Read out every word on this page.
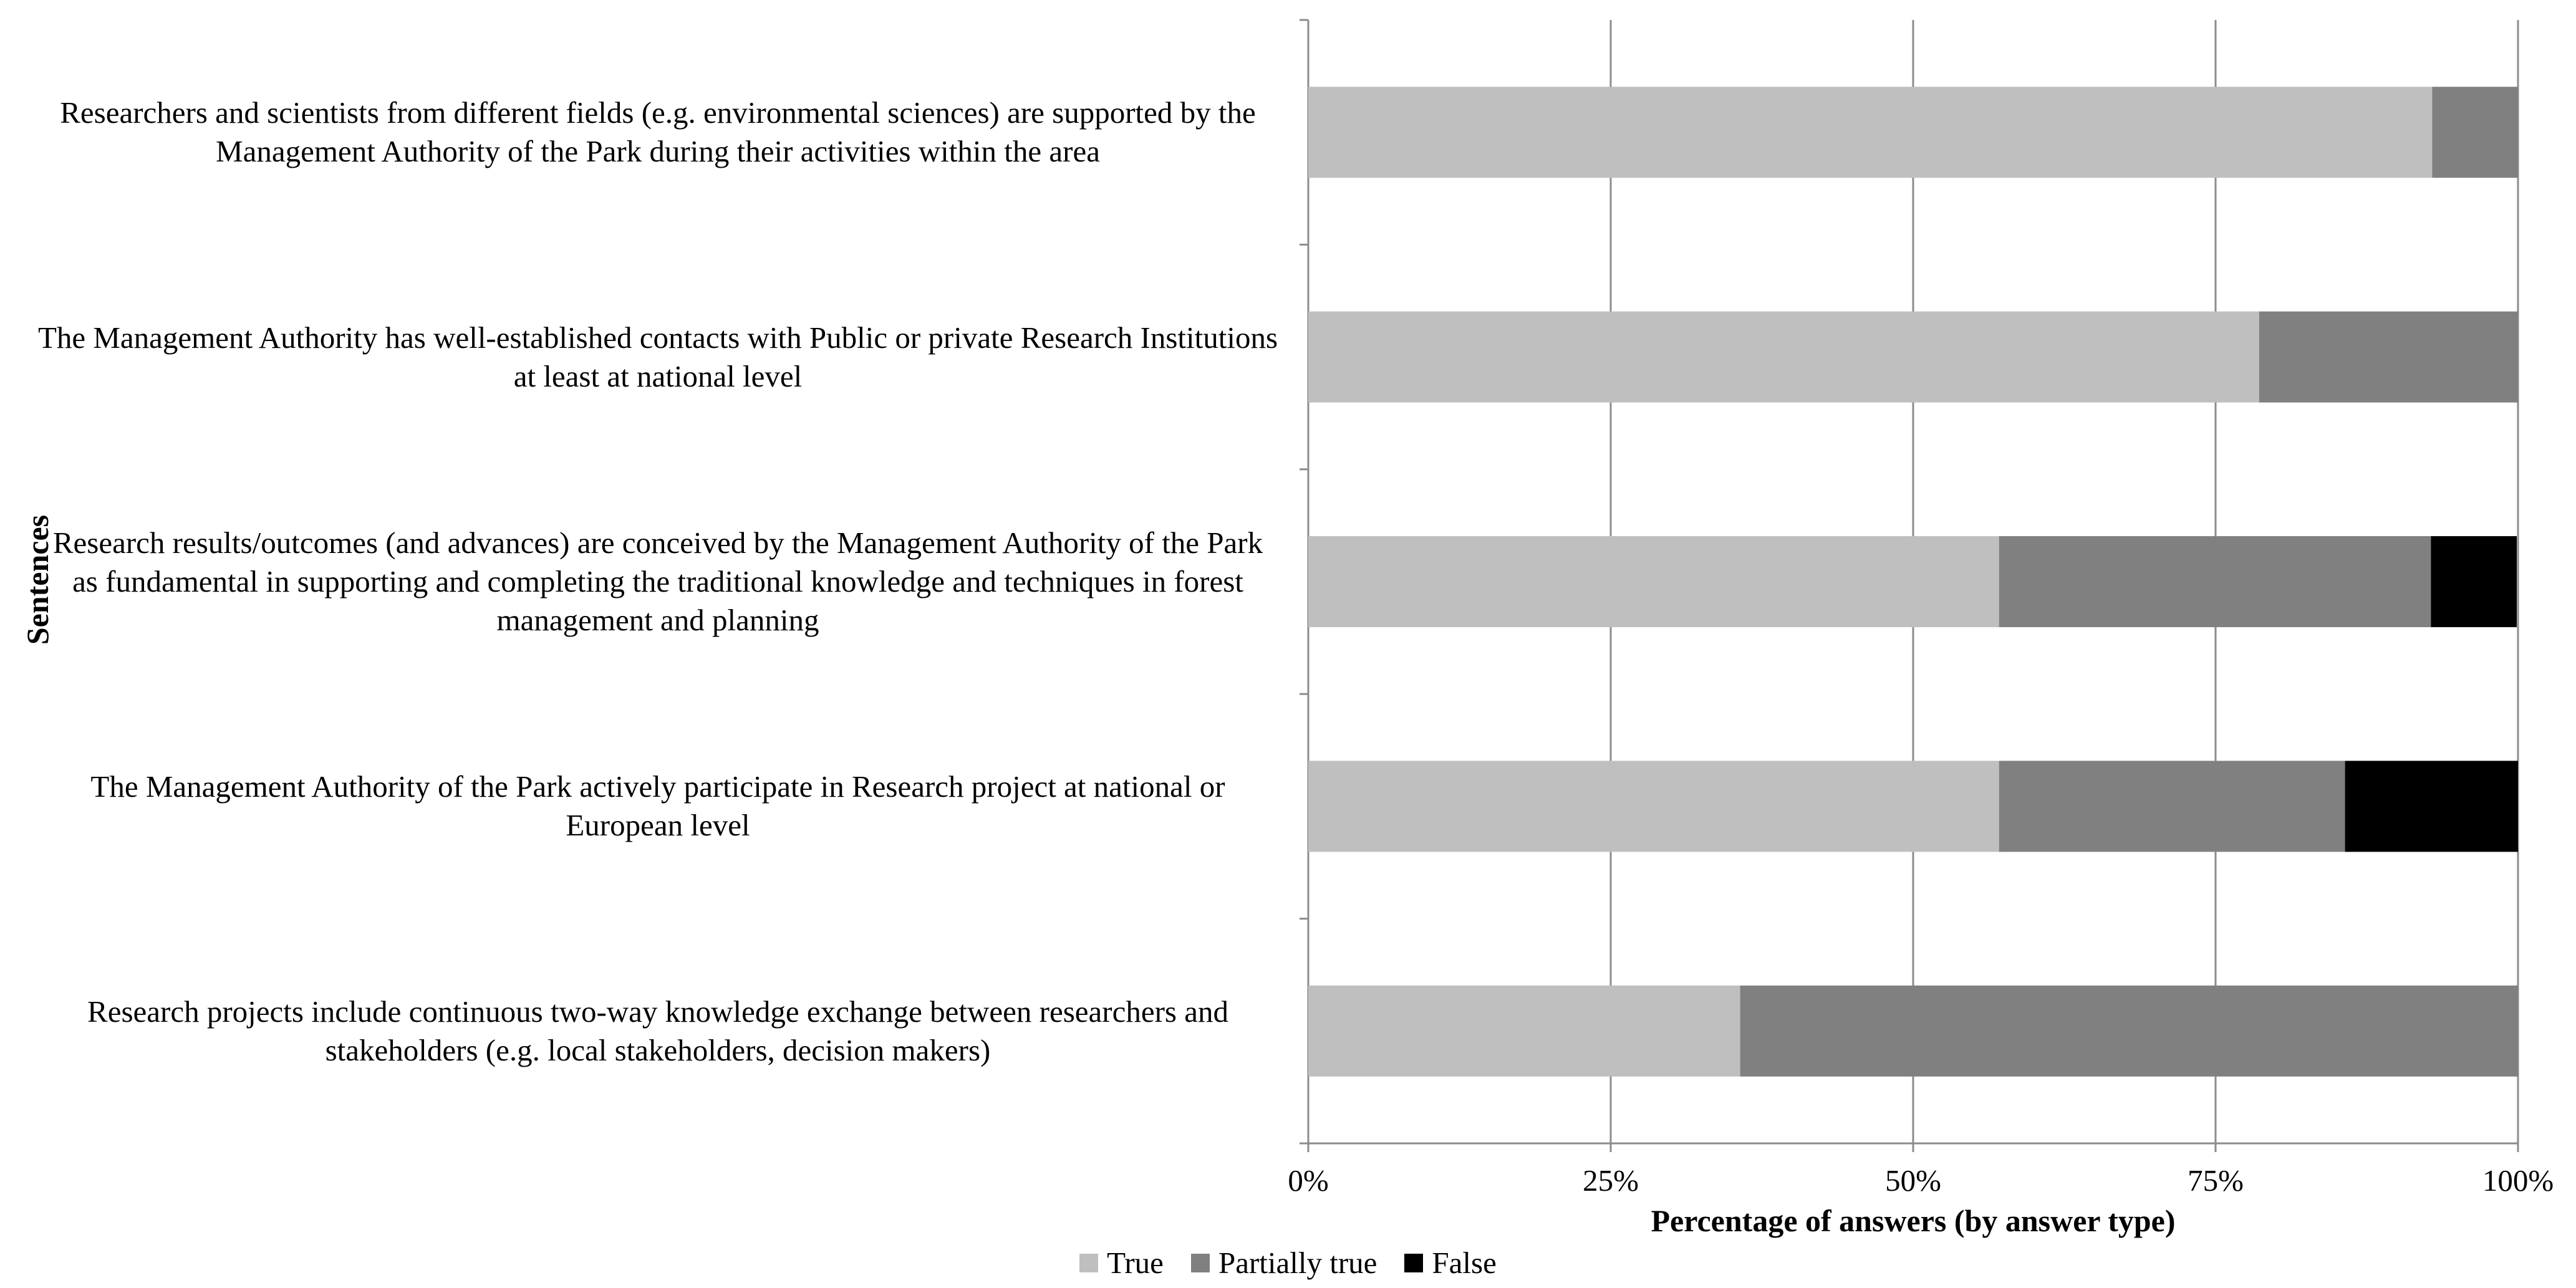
Researchers and scientists from different fields (e.g. environmental sciences) are supported by the Management Authority of the Park during their activities within the area
The Management Authority has well-established contacts with Public or private Research Institutions at least at national level
Research results/outcomes (and advances) are conceived by the Management Authority of the Park as fundamental in supporting and completing the traditional knowledge and techniques in forest management and planning
The Management Authority of the Park actively participate in Research project at national or European level
Research projects include continuous two-way knowledge exchange between researchers and stakeholders (e.g. local stakeholders, decision makers)
0%	25%	50%	75%	100%
Percentage of answers (by answer type)
Sentences
True Partially true False
